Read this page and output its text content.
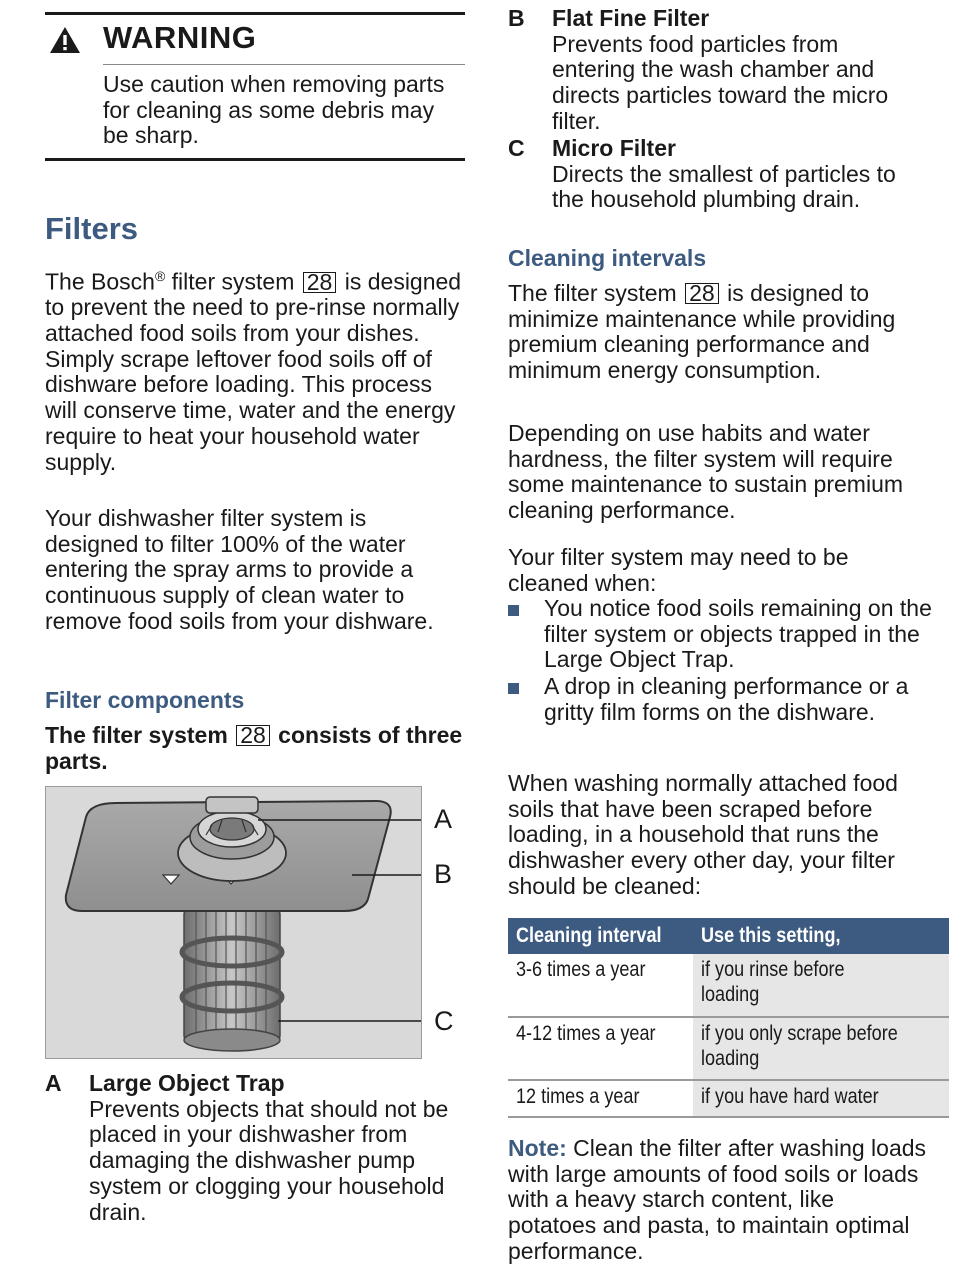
WARNING
Use caution when removing parts for cleaning as some debris may be sharp.
Filters
The Bosch® filter system 28 is designed to prevent the need to pre-rinse normally attached food soils from your dishes. Simply scrape leftover food soils off of dishware before loading. This process will conserve time, water and the energy require to heat your household water supply.
Your dishwasher filter system is designed to filter 100% of the water entering the spray arms to provide a continuous supply of clean water to remove food soils from your dishware.
Filter components
The filter system 28 consists of three parts.
A
B
C
A Large Object Trap
Prevents objects that should not be placed in your dishwasher from damaging the dishwasher pump system or clogging your household drain.
B Flat Fine Filter
Prevents food particles from entering the wash chamber and directs particles toward the micro filter.
C Micro Filter
Directs the smallest of particles to the household plumbing drain.
Cleaning intervals
The filter system 28 is designed to minimize maintenance while providing premium cleaning performance and minimum energy consumption.
Depending on use habits and water hardness, the filter system will require some maintenance to sustain premium cleaning performance.
Your filter system may need to be cleaned when:
You notice food soils remaining on the filter system or objects trapped in the Large Object Trap.
A drop in cleaning performance or a gritty film forms on the dishware.
When washing normally attached food soils that have been scraped before loading, in a household that runs the dishwasher every other day, your filter should be cleaned:
Cleaning interval	Use this setting,
3-6 times a year	if you rinse before loading
4-12 times a year	if you only scrape before loading
12 times a year	if you have hard water
Note: Clean the filter after washing loads with large amounts of food soils or loads with a heavy starch content, like potatoes and pasta, to maintain optimal performance.
